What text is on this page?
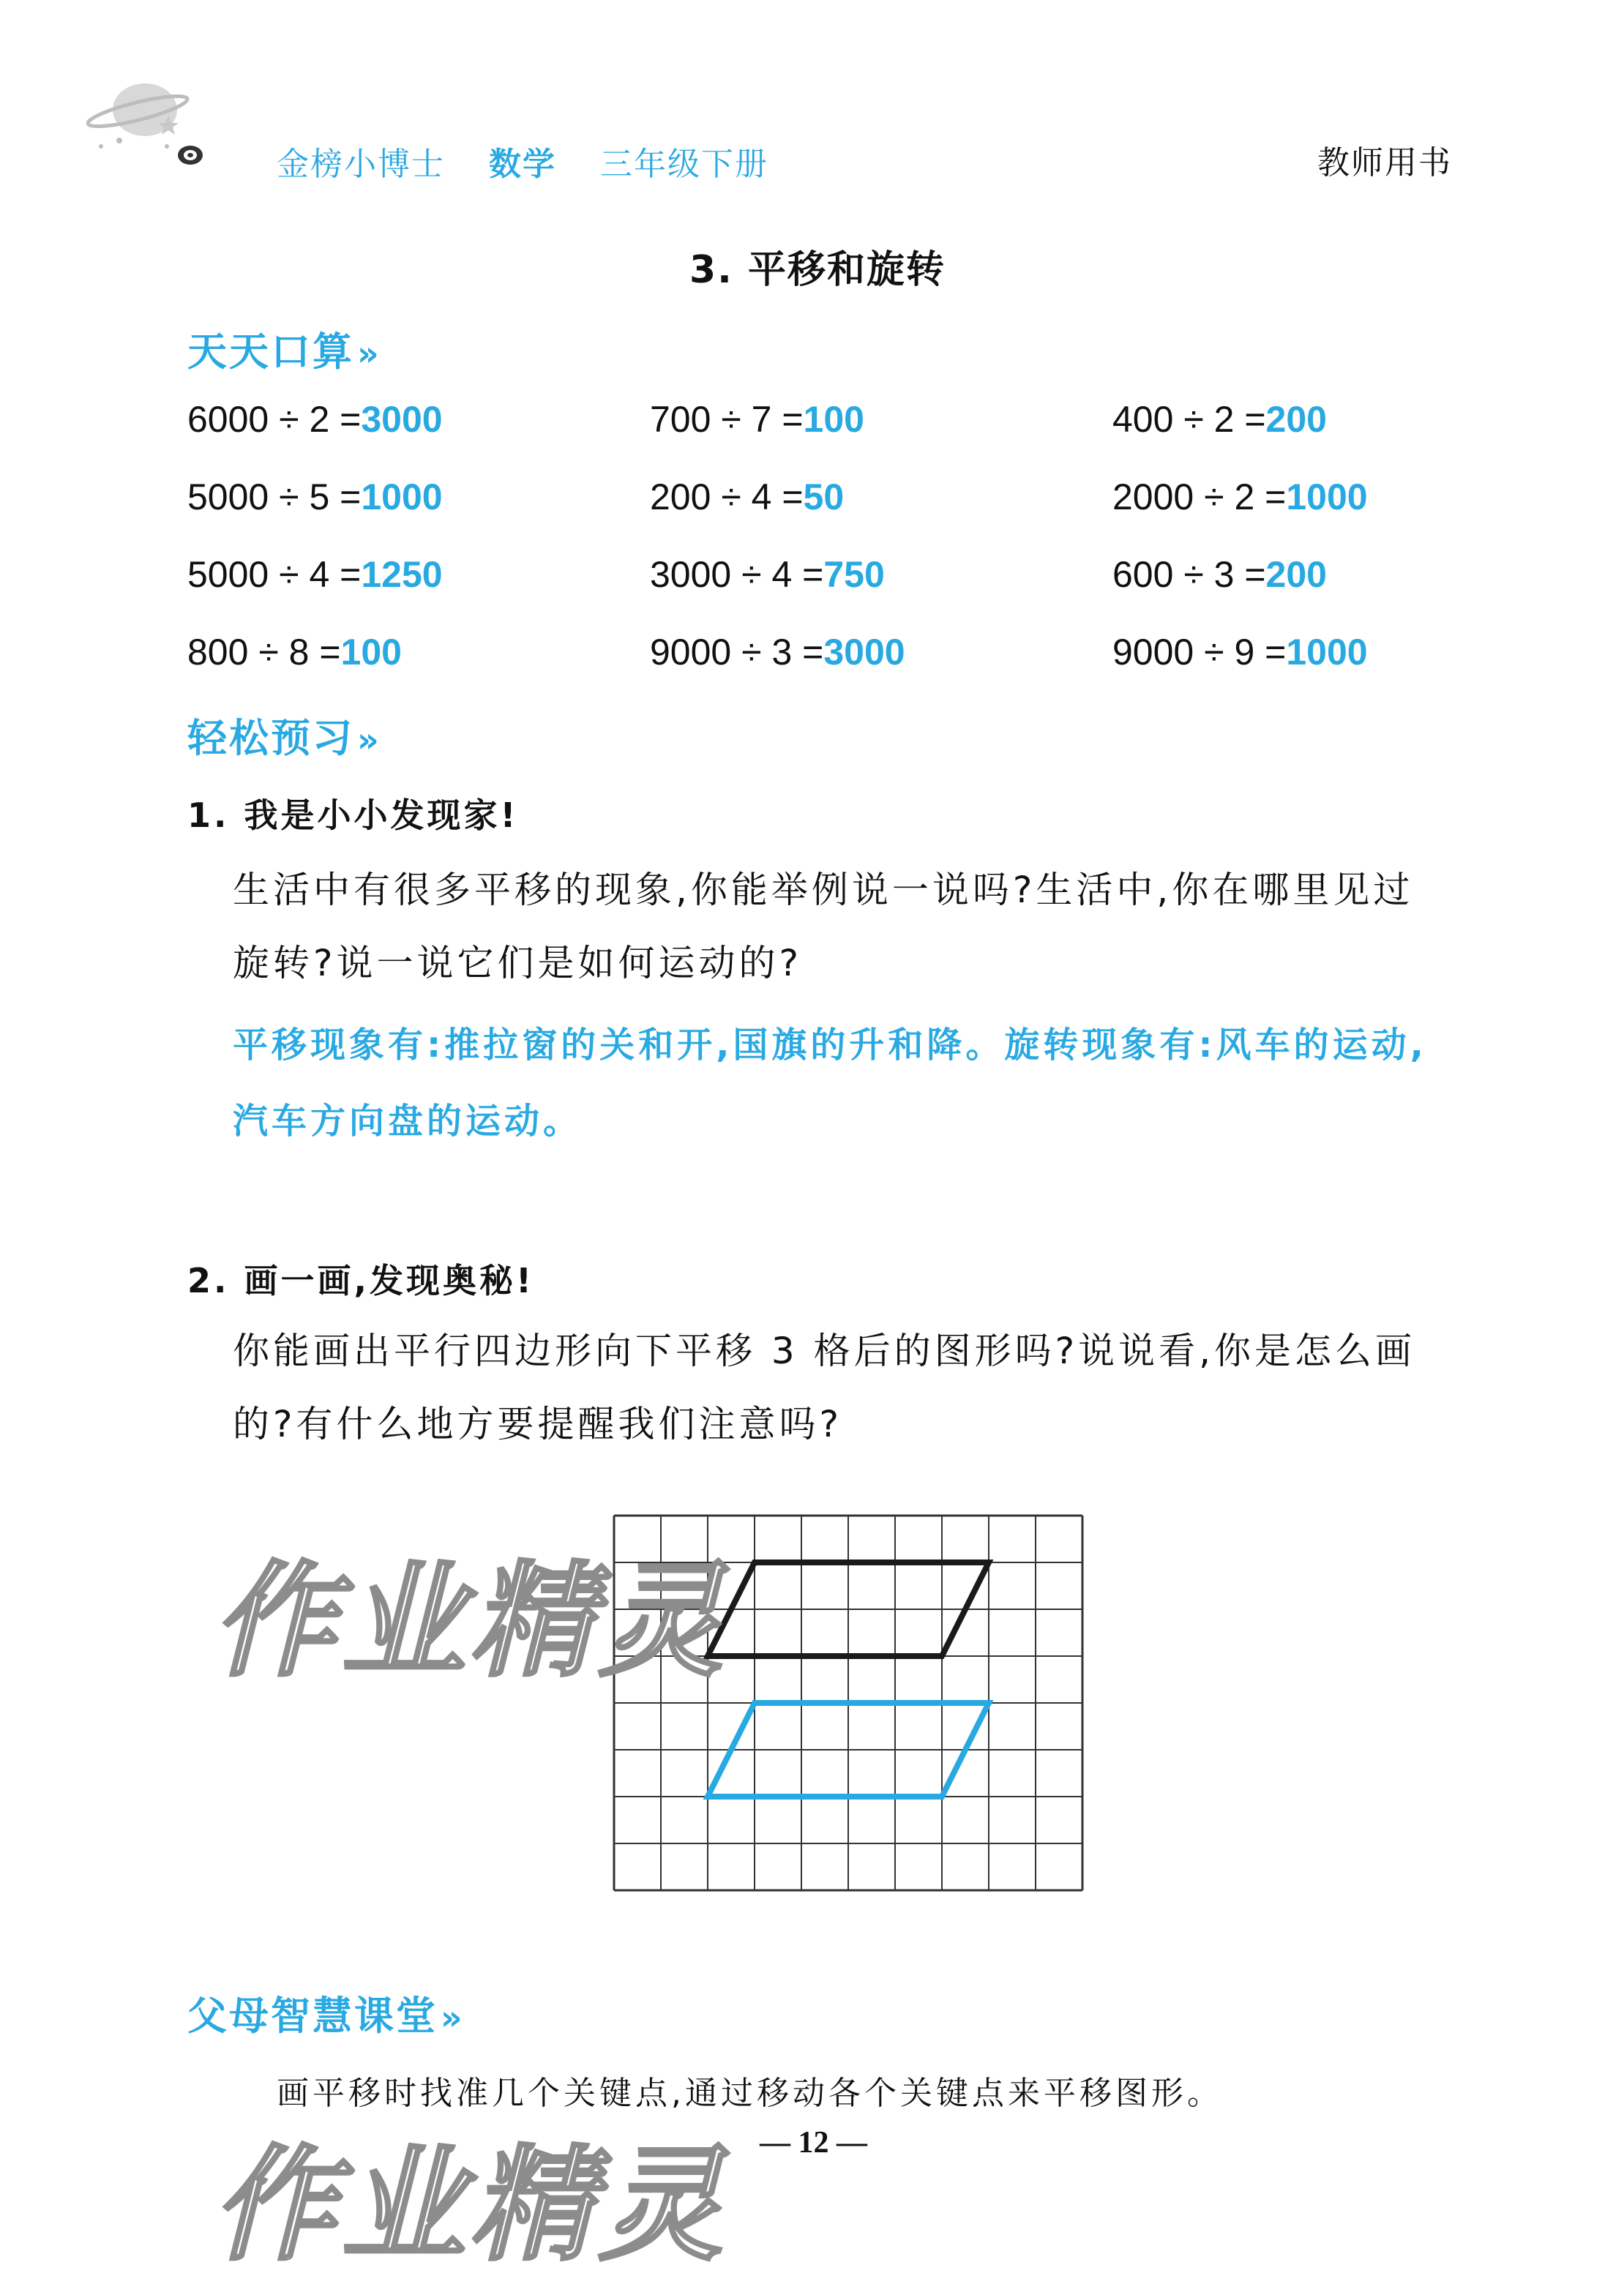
金榜小博士 数学 三年级下册	教师用书
3. 平移和旋转
天天口算»
6000 ÷ 2 =3000	700 ÷ 7 =100	400 ÷ 2 =200
5000 ÷ 5 =1000	200 ÷ 4 =50	2000 ÷ 2 =1000
5000 ÷ 4 =1250	3000 ÷ 4 =750	600 ÷ 3 =200
800 ÷ 8 =100	9000 ÷ 3 =3000	9000 ÷ 9 =1000
轻松预习»
1. 我是小小发现家!
生活中有很多平移的现象,你能举例说一说吗?生活中,你在哪里见过旋转?说一说它们是如何运动的?
平移现象有:推拉窗的关和开,国旗的升和降。旋转现象有:风车的运动,汽车方向盘的运动。
2. 画一画,发现奥秘!
你能画出平行四边形向下平移 3 格后的图形吗?说说看,你是怎么画的?有什么地方要提醒我们注意吗?
父母智慧课堂»
画平移时找准几个关键点,通过移动各个关键点来平移图形。
— 12 —
作业精灵
作业精灵
